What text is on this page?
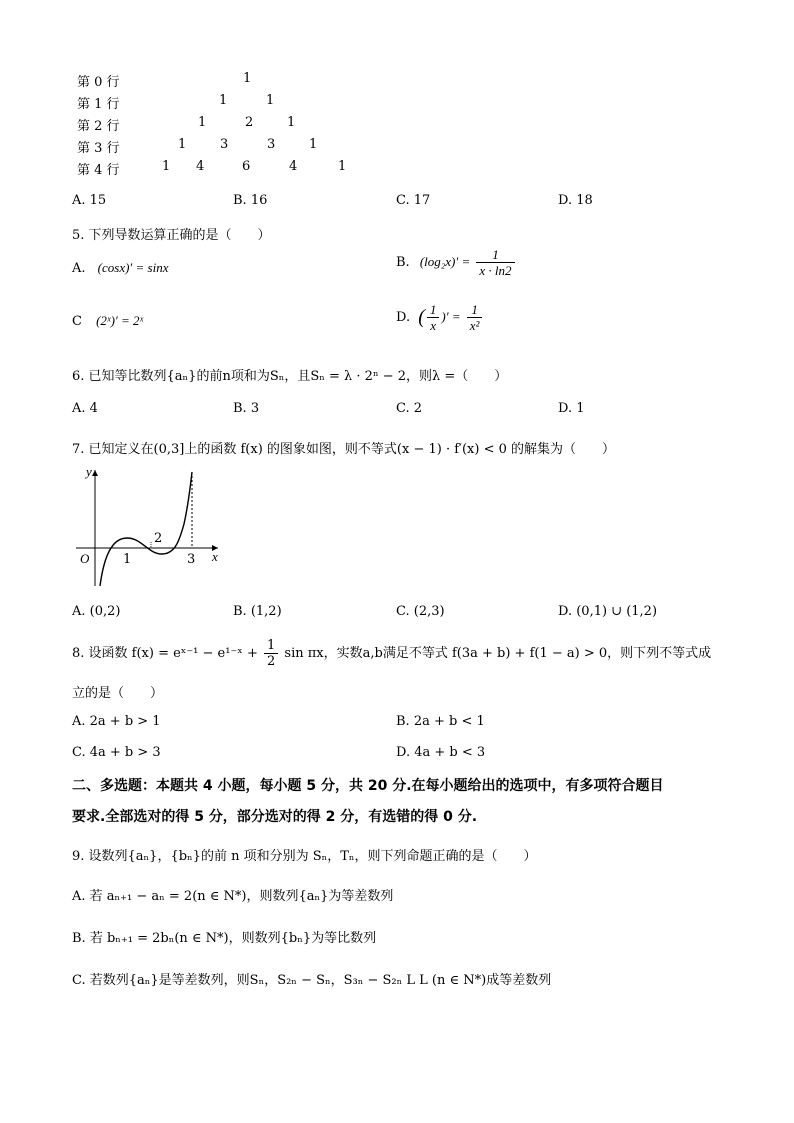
第 0 行	1
第 1 行	1	1
第 2 行	1	2	1
第 3 行	1	3	3	1
第 4 行	1 4	6	4	1
A. 15	B. 16	C. 17	D. 18
5. 下列导数运算正确的是（　　）
A. (cosx)′ = sinx	B. $(\log_2x)' = \frac{1}{x \cdot \ln 2}$
C (2ˣ)′ = 2ˣ	D. ( $\frac{1}{x}$ )′ = $\frac{1}{\text{x²}}$
6. 已知等比数列{aₙ}的前n项和为Sₙ，且Sₙ = λ · 2ⁿ − 2，则λ =（　　）
A. 4	B. 3	C. 2	D. 1
7. 已知定义在(0,3]上的函数 f(x) 的图象如图，则不等式(x − 1) · f′(x) < 0 的解集为（　　）
y
x
O	1
2
3
A. (0,2)	B. (1,2)	C. (2,3)	D. (0,1) ∪ (1,2)
8. 设函数 f(x) = eˣ⁻¹ − e¹⁻ˣ + $\frac{1}{2}$ sin πx，实数a,b满足不等式 f(3a + b) + f(1 − a) > 0，则下列不等式成
立的是（　　）
A. 2a + b > 1	B. 2a + b < 1
C. 4a + b > 3	D. 4a + b < 3
二、多选题：本题共 4 小题，每小题 5 分，共 20 分.在每小题给出的选项中，有多项符合题目
要求.全部选对的得 5 分，部分选对的得 2 分，有选错的得 0 分.
9. 设数列{aₙ}，{bₙ}的前 n 项和分别为 Sₙ，Tₙ，则下列命题正确的是（　　）
A. 若 aₙ₊₁ − aₙ = 2(n ∈ N*)，则数列{aₙ}为等差数列
B. 若 bₙ₊₁ = 2bₙ(n ∈ N*)，则数列{bₙ}为等比数列
C. 若数列{aₙ}是等差数列，则Sₙ，S₂ₙ − Sₙ，S₃ₙ − S₂ₙ L L (n ∈ N*)成等差数列
